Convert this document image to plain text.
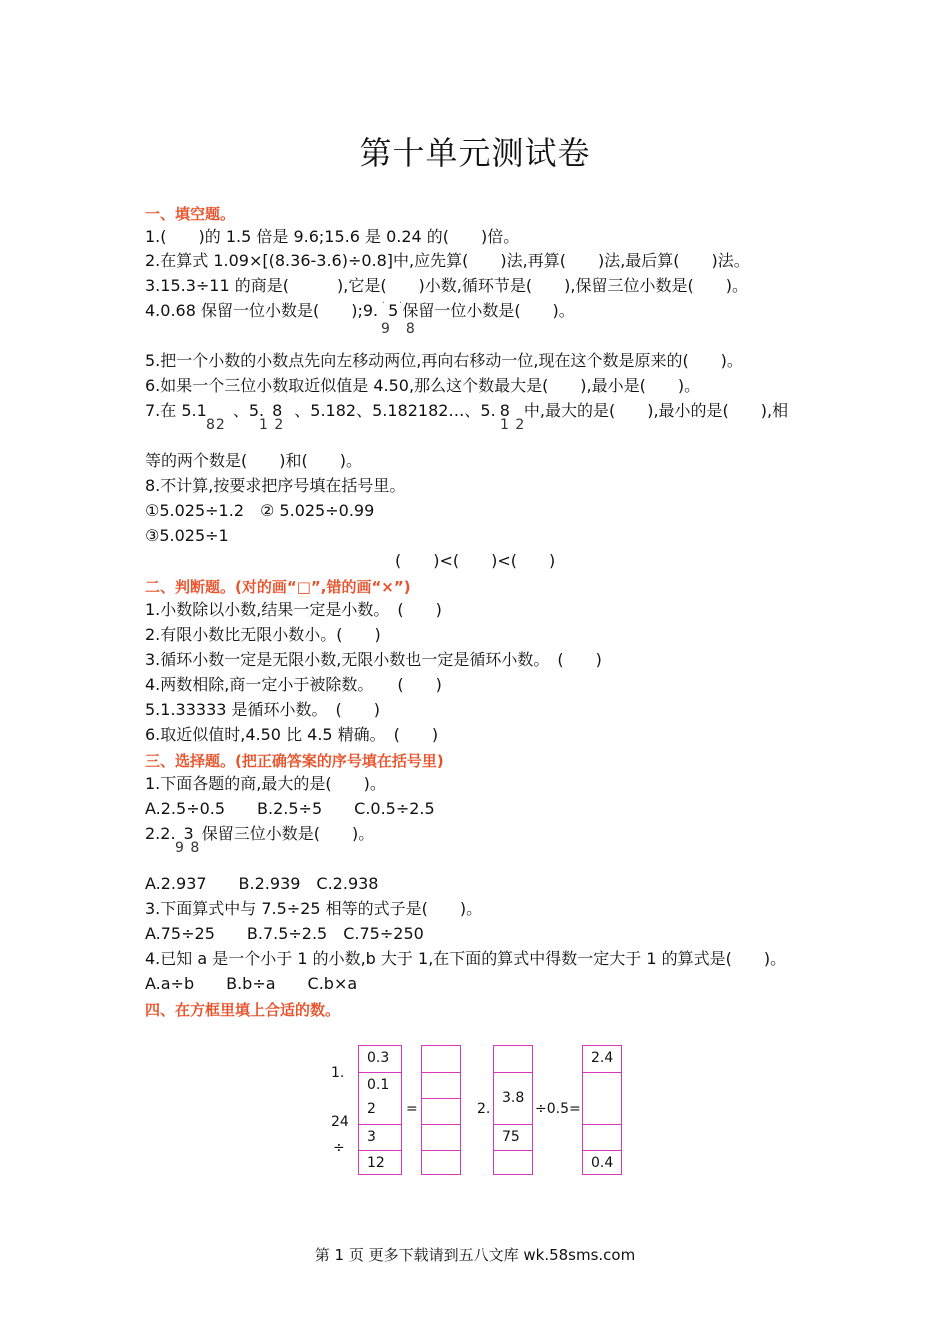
第十单元测试卷
一、填空题。
1.(　　)的 1.5 倍是 9.6;15.6 是 0.24 的(　　)倍。
2.在算式 1.09×[(8.36-3.6)÷0.8]中,应先算(　　)法,再算(　　)法,最后算(　　)法。
3.15.3÷11 的商是(　　　),它是(　　)小数,循环节是(　　),保留三位小数是(　　)。
4.0.68 保留一位小数是(　　);9. 5 保留一位小数是(　　)。
9　8
· ·
5.把一个小数的小数点先向左移动两位,再向右移动一位,现在这个数是原来的(　　)。
6.如果一个三位小数取近似值是 4.50,那么这个数最大是(　　),最小是(　　)。
7.在 5.1 、5. 8 、5.182、5.182182…、5. 8 中,最大的是(　　),最小的是(　　),相
82 1 2	1 2
等的两个数是(　　)和(　　)。
8.不计算,按要求把序号填在括号里。
①5.025÷1.2　② 5.025÷0.99
③5.025÷1
(　　)<(　　)<(　　)
二、判断题。(对的画“□”,错的画“×”)
1.小数除以小数,结果一定是小数。　(　　)
2.有限小数比无限小数小。(　　)
3.循环小数一定是无限小数,无限小数也一定是循环小数。　(　　)
4.两数相除,商一定小于被除数。　　(　　)
5.1.33333 是循环小数。　(　　)
6.取近似值时,4.50 比 4.5 精确。　(　　)
三、选择题。(把正确答案的序号填在括号里)
1.下面各题的商,最大的是(　　)。
A.2.5÷0.5　　B.2.5÷5　　C.0.5÷2.5
2.2. 3 保留三位小数是(　　)。
9 8
A.2.937　　B.2.939　C.2.938
3.下面算式中与 7.5÷25 相等的式子是(　　)。
A.75÷25　　B.7.5÷2.5　C.75÷250
4.已知 a 是一个小于 1 的小数,b 大于 1,在下面的算式中得数一定大于 1 的算式是(　　)。
A.a÷b　　B.b÷a　　C.b×a
四、在方框里填上合适的数。
1.
24
÷
0.3
0.1
2
3
12
=	2.
3.8
75
÷0.5=
2.4
0.4
第 1 页 更多下载请到五八文库 wk.58sms.com
